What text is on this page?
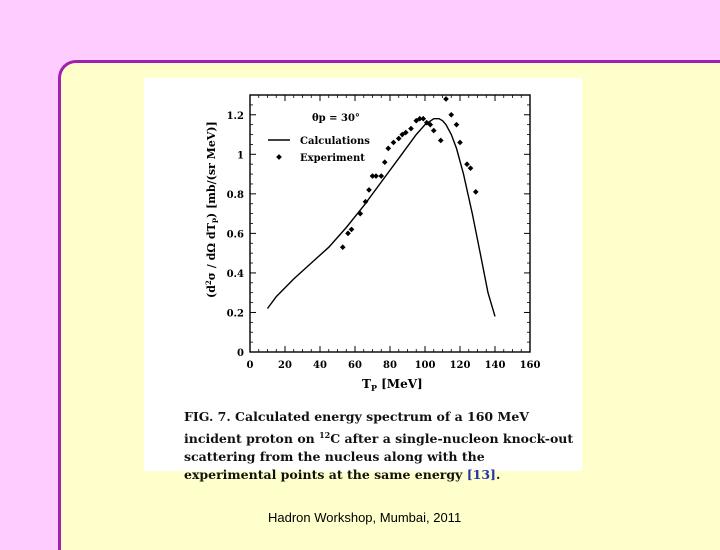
0 20 40 60 80 100 120 140 160
0
0.2
0.4
0.6
0.8
1
1.2	θp = 30°
Calculations
Experiment
$T_P$ [MeV]
($d^2\sigma$ / dΩ $dT_P$) [mb/(sr MeV)]
FIG. 7. Calculated energy spectrum of a 160 MeV incident proton on $^{12}$C after a single-nucleon knock-out scattering from the nucleus along with the experimental points at the same energy [13].
Hadron Workshop, Mumbai, 2011
